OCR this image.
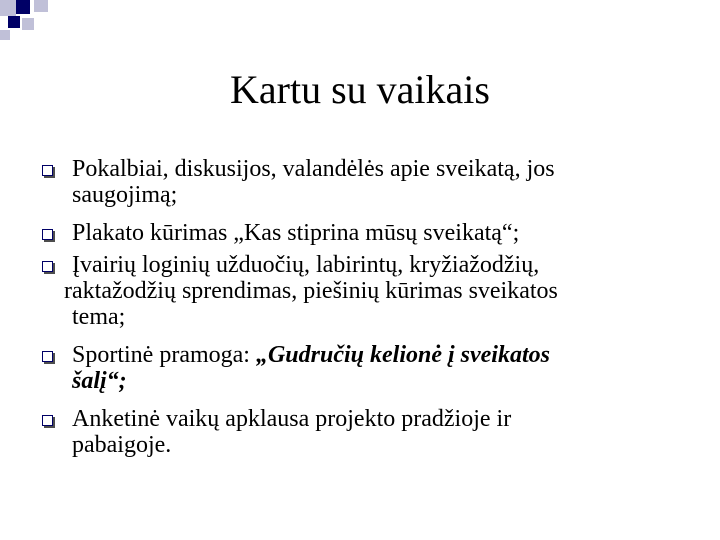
Kartu su vaikais
Pokalbiai, diskusijos, valandėlės apie sveikatą, jos
saugojimą;
Plakato kūrimas „Kas stiprina mūsų sveikatą“;
Įvairių loginių užduočių, labirintų, kryžiažodžių,
raktažodžių sprendimas, piešinių kūrimas sveikatos
tema;
Sportinė pramoga: „Gudručių kelionė į sveikatos
šalį“;
Anketinė vaikų apklausa projekto pradžioje ir
pabaigoje.
